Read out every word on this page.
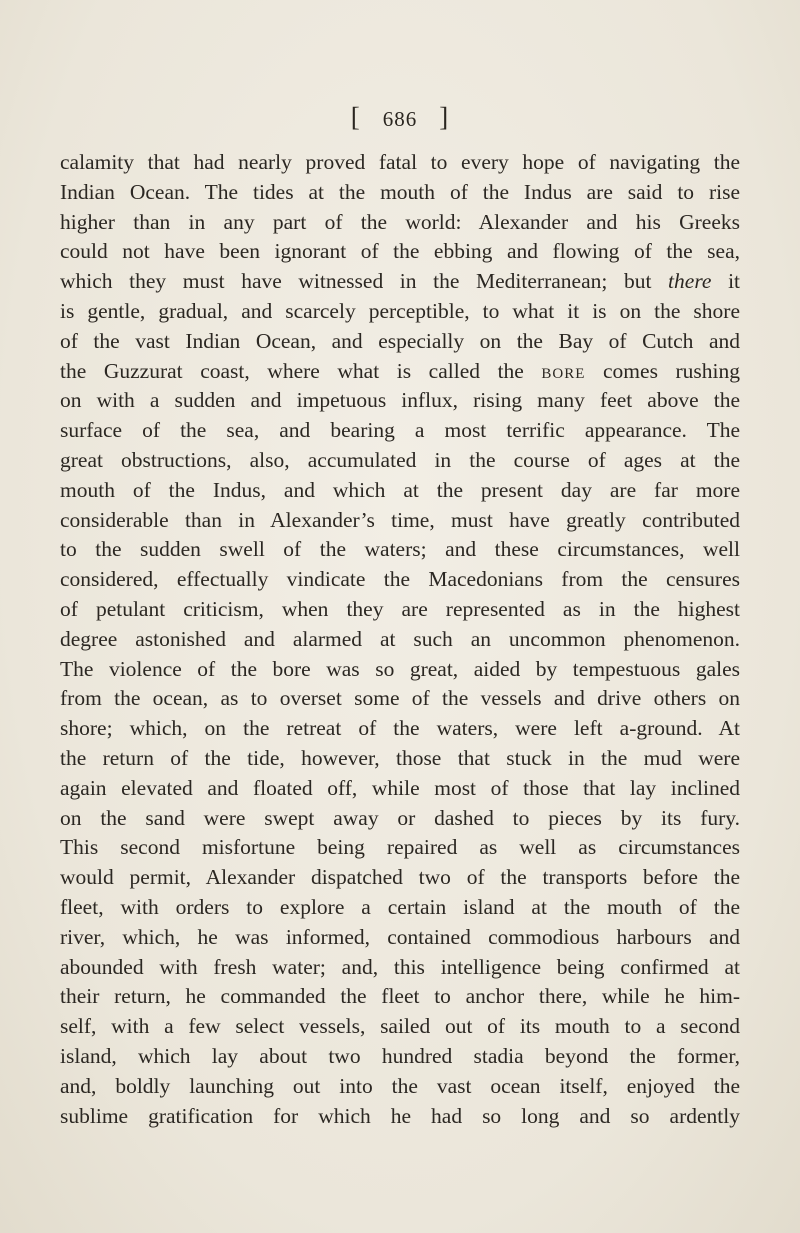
[ 686 ]
calamity that had nearly proved fatal to every hope of navigating the
Indian Ocean. The tides at the mouth of the Indus are said to rise
higher than in any part of the world: Alexander and his Greeks
could not have been ignorant of the ebbing and flowing of the sea,
which they must have witnessed in the Mediterranean; but there it
is gentle, gradual, and scarcely perceptible, to what it is on the shore
of the vast Indian Ocean, and especially on the Bay of Cutch and
the Guzzurat coast, where what is called the bore comes rushing
on with a sudden and impetuous influx, rising many feet above the
surface of the sea, and bearing a most terrific appearance. The
great obstructions, also, accumulated in the course of ages at the
mouth of the Indus, and which at the present day are far more
considerable than in Alexander’s time, must have greatly contributed
to the sudden swell of the waters; and these circumstances, well
considered, effectually vindicate the Macedonians from the censures
of petulant criticism, when they are represented as in the highest
degree astonished and alarmed at such an uncommon phenomenon.
The violence of the bore was so great, aided by tempestuous gales
from the ocean, as to overset some of the vessels and drive others on
shore; which, on the retreat of the waters, were left a-ground. At
the return of the tide, however, those that stuck in the mud were
again elevated and floated off, while most of those that lay inclined
on the sand were swept away or dashed to pieces by its fury.
This second misfortune being repaired as well as circumstances
would permit, Alexander dispatched two of the transports before the
fleet, with orders to explore a certain island at the mouth of the
river, which, he was informed, contained commodious harbours and
abounded with fresh water; and, this intelligence being confirmed at
their return, he commanded the fleet to anchor there, while he him-
self, with a few select vessels, sailed out of its mouth to a second
island, which lay about two hundred stadia beyond the former,
and, boldly launching out into the vast ocean itself, enjoyed the
sublime gratification for which he had so long and so ardently
